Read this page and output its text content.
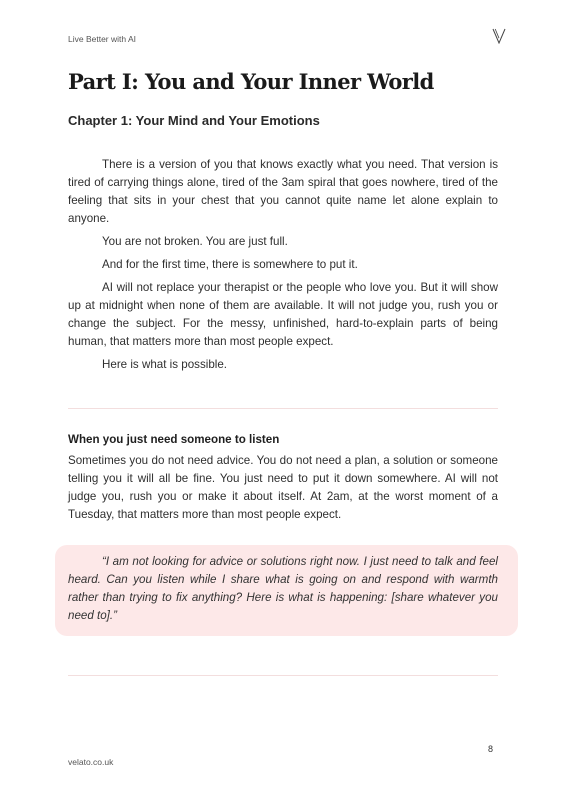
Live Better with AI
Part I: You and Your Inner World
Chapter 1: Your Mind and Your Emotions

There is a version of you that knows exactly what you need. That version is tired of carrying things alone, tired of the 3am spiral that goes nowhere, tired of the feeling that sits in your chest that you cannot quite name let alone explain to anyone.

You are not broken. You are just full.

And for the first time, there is somewhere to put it.

AI will not replace your therapist or the people who love you. But it will show up at midnight when none of them are available. It will not judge you, rush you or change the subject. For the messy, unfinished, hard-to-explain parts of being human, that matters more than most people expect.

Here is what is possible.

When you just need someone to listen

Sometimes you do not need advice. You do not need a plan, a solution or someone telling you it will all be fine. You just need to put it down somewhere. AI will not judge you, rush you or make it about itself. At 2am, at the worst moment of a Tuesday, that matters more than most people expect.

“I am not looking for advice or solutions right now. I just need to talk and feel heard. Can you listen while I share what is going on and respond with warmth rather than trying to fix anything? Here is what is happening: [share whatever you need to].”

8
velato.co.uk
